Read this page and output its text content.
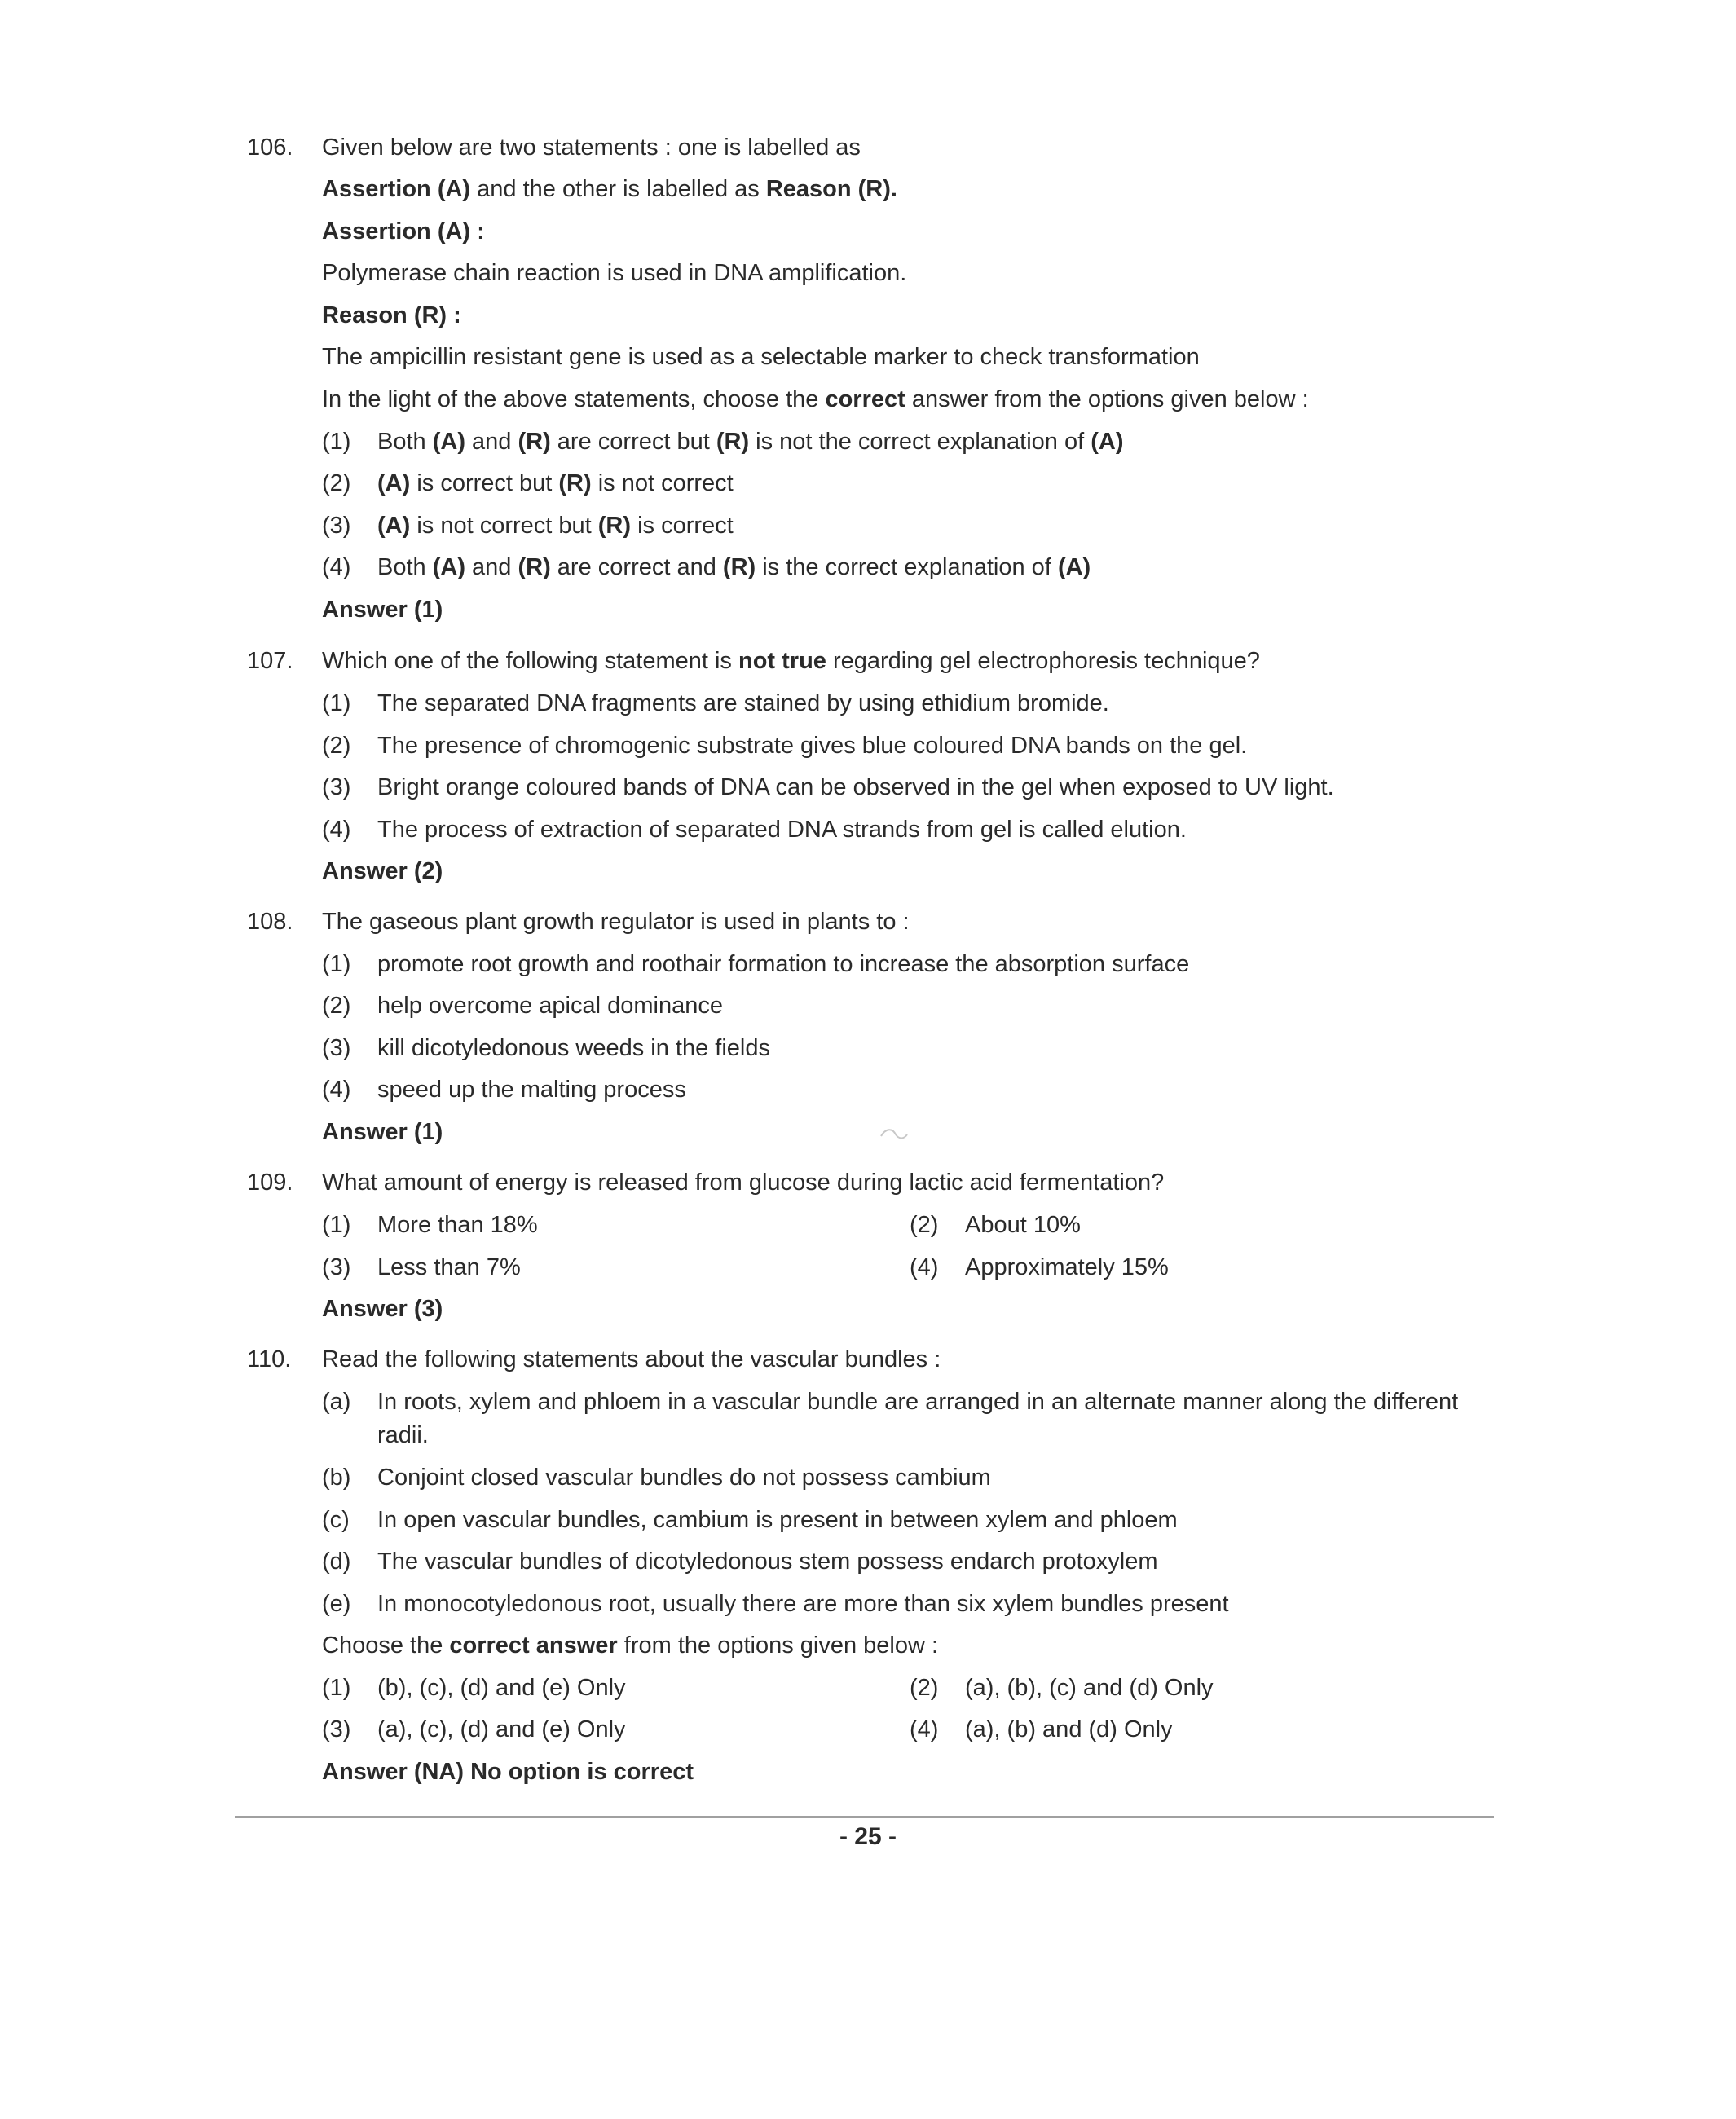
106.	Given below are two statements : one is labelled as
Assertion (A) and the other is labelled as Reason (R).
Assertion (A) :
Polymerase chain reaction is used in DNA amplification.
Reason (R) :
The ampicillin resistant gene is used as a selectable marker to check transformation
In the light of the above statements, choose the correct answer from the options given below :
(1) Both (A) and (R) are correct but (R) is not the correct explanation of (A)
(2) (A) is correct but (R) is not correct
(3) (A) is not correct but (R) is correct
(4) Both (A) and (R) are correct and (R) is the correct explanation of (A)
Answer (1)
107.	Which one of the following statement is not true regarding gel electrophoresis technique?
(1) The separated DNA fragments are stained by using ethidium bromide.
(2) The presence of chromogenic substrate gives blue coloured DNA bands on the gel.
(3) Bright orange coloured bands of DNA can be observed in the gel when exposed to UV light.
(4) The process of extraction of separated DNA strands from gel is called elution.
Answer (2)
108.	The gaseous plant growth regulator is used in plants to :
(1) promote root growth and roothair formation to increase the absorption surface
(2) help overcome apical dominance
(3) kill dicotyledonous weeds in the fields
(4) speed up the malting process
Answer (1)
109.	What amount of energy is released from glucose during lactic acid fermentation?
(1) More than 18%	(2) About 10%
(3) Less than 7%	(4) Approximately 15%
Answer (3)
110.	Read the following statements about the vascular bundles :
(a) In roots, xylem and phloem in a vascular bundle are arranged in an alternate manner along the different
radii.
(b) Conjoint closed vascular bundles do not possess cambium
(c) In open vascular bundles, cambium is present in between xylem and phloem
(d) The vascular bundles of dicotyledonous stem possess endarch protoxylem
(e) In monocotyledonous root, usually there are more than six xylem bundles present
Choose the correct answer from the options given below :
(1) (b), (c), (d) and (e) Only	(2) (a), (b), (c) and (d) Only
(3) (a), (c), (d) and (e) Only	(4) (a), (b) and (d) Only
Answer (NA) No option is correct
- 25 -
